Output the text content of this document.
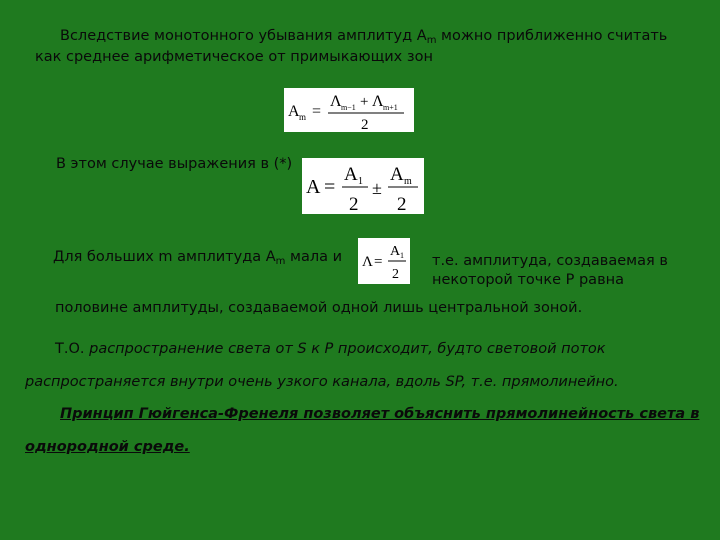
Вследствие монотонного убывания амплитуд $А_m$ можно приближенно считать
как среднее арифметическое от примыкающих зон
A m =
Λ m−1 + Λ m+1
2
В этом случае выражения в (*)
A =
A 1
2
±
A m
2
Для больших m амплитуда $А_m$ мала и Λ =
A 1
2
т.е. амплитуда, создаваемая в
некоторой точке Р равна
половине амплитуды, создаваемой одной лишь центральной зоной.
Т.О. распространение света от S к Р происходит, будто световой поток
распространяется внутри очень узкого канала, вдоль SP, т.е. прямолинейно.
Принцип Гюйгенса-Френеля позволяет объяснить прямолинейность света в
однородной среде.
